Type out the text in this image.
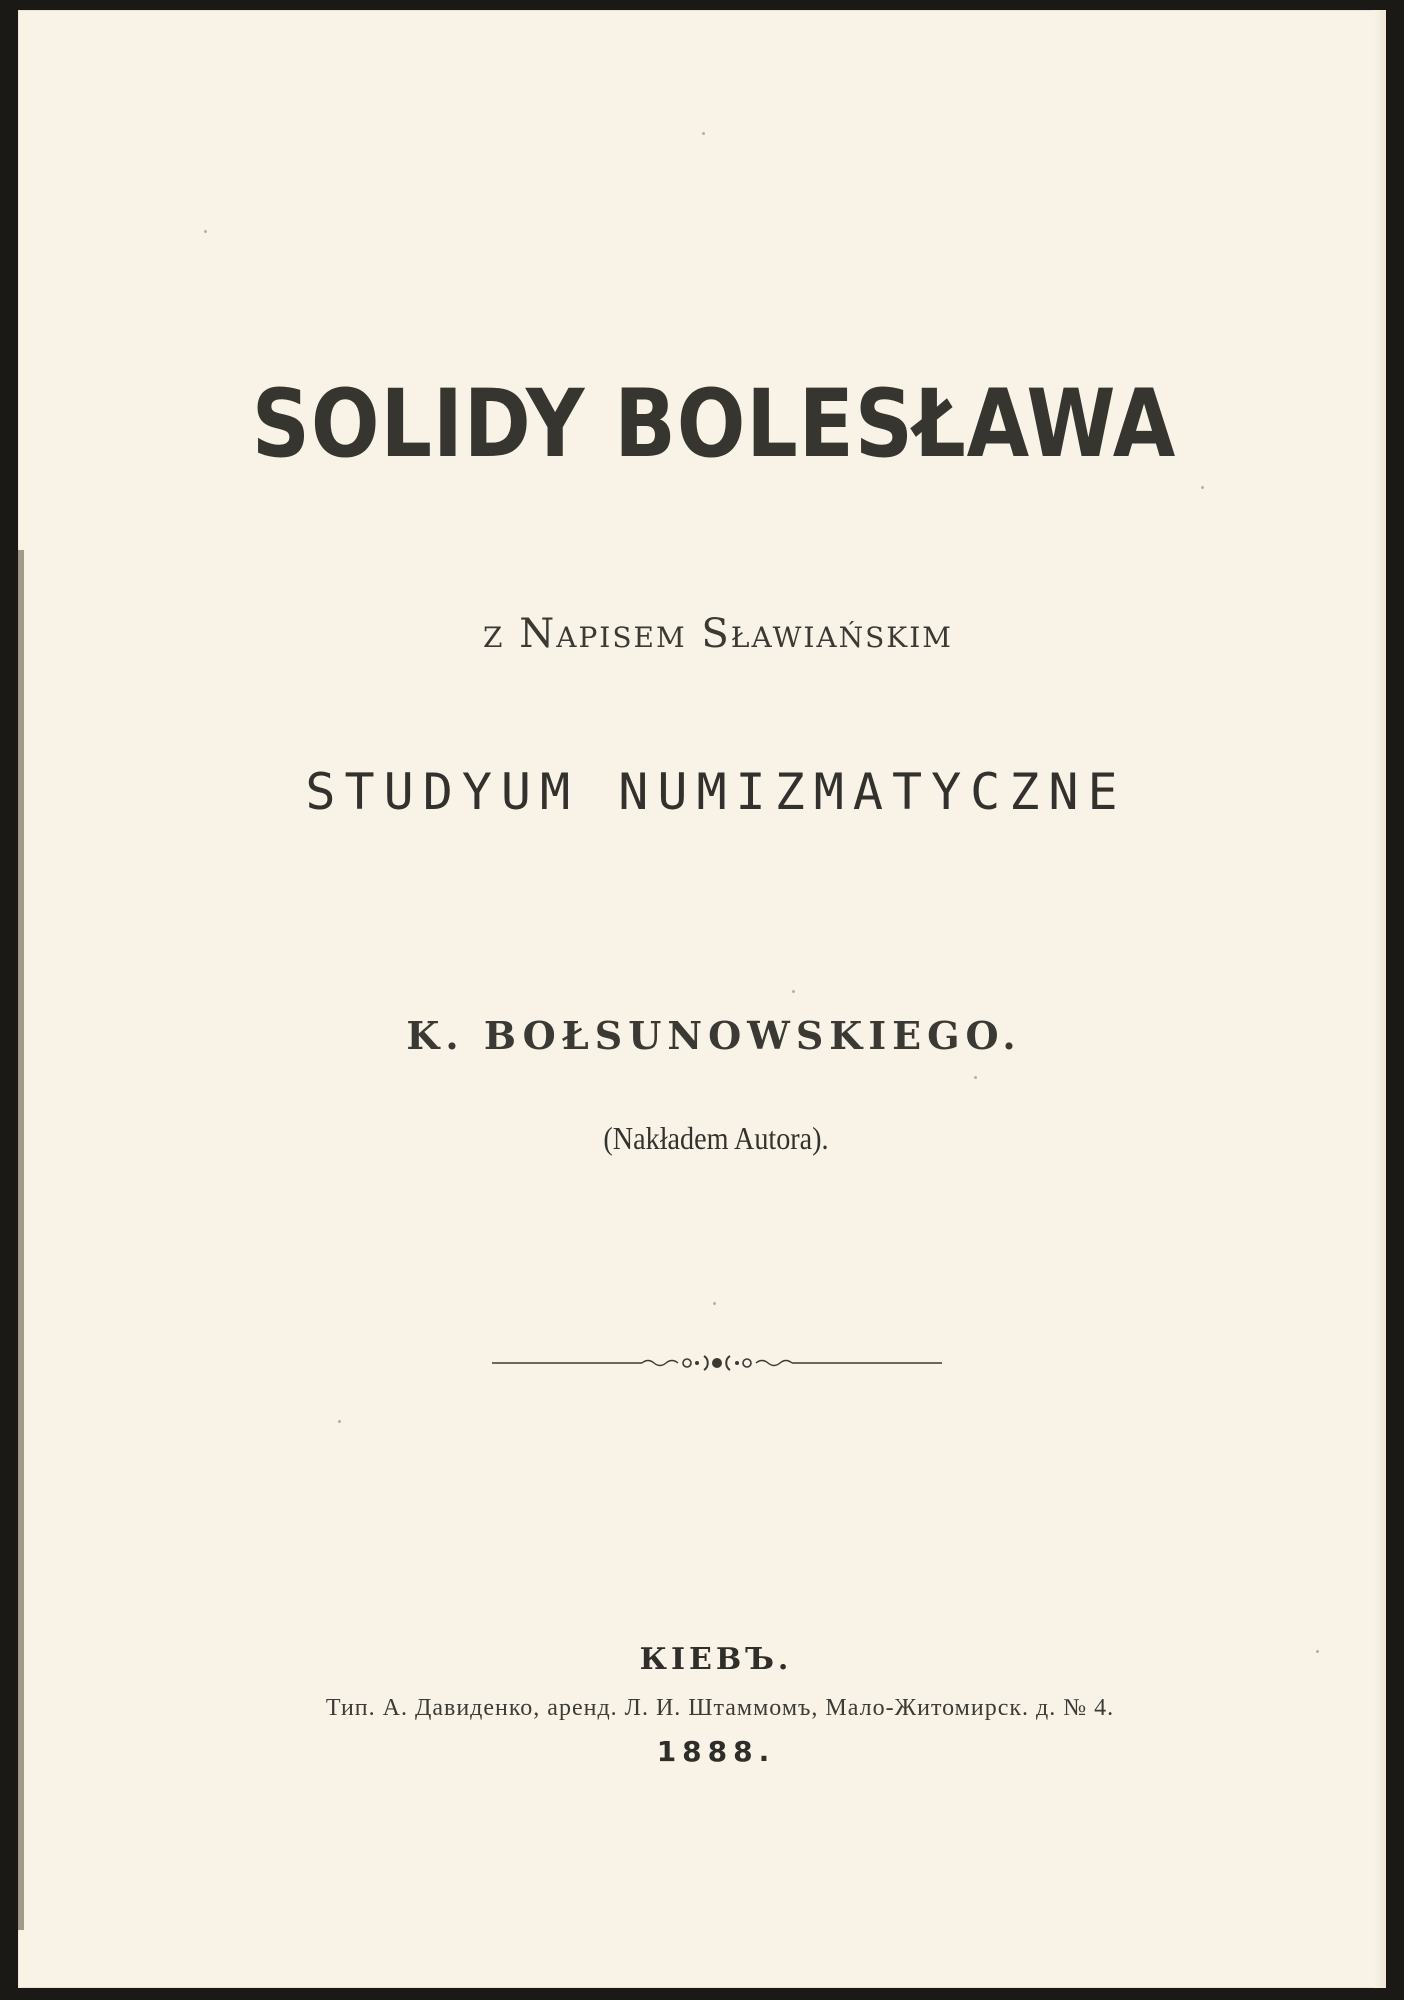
SOLIDY BOLESŁAWA
z Napisem Sławiańskim
STUDYUM NUMIZMATYCZNE
K. BOŁSUNOWSKIEGO.
(Nakładem Autora).
КІЕВЪ.
Тип. А. Давиденко, аренд. Л. И. Штаммомъ, Мало-Житомирск. д. № 4.
1888.
